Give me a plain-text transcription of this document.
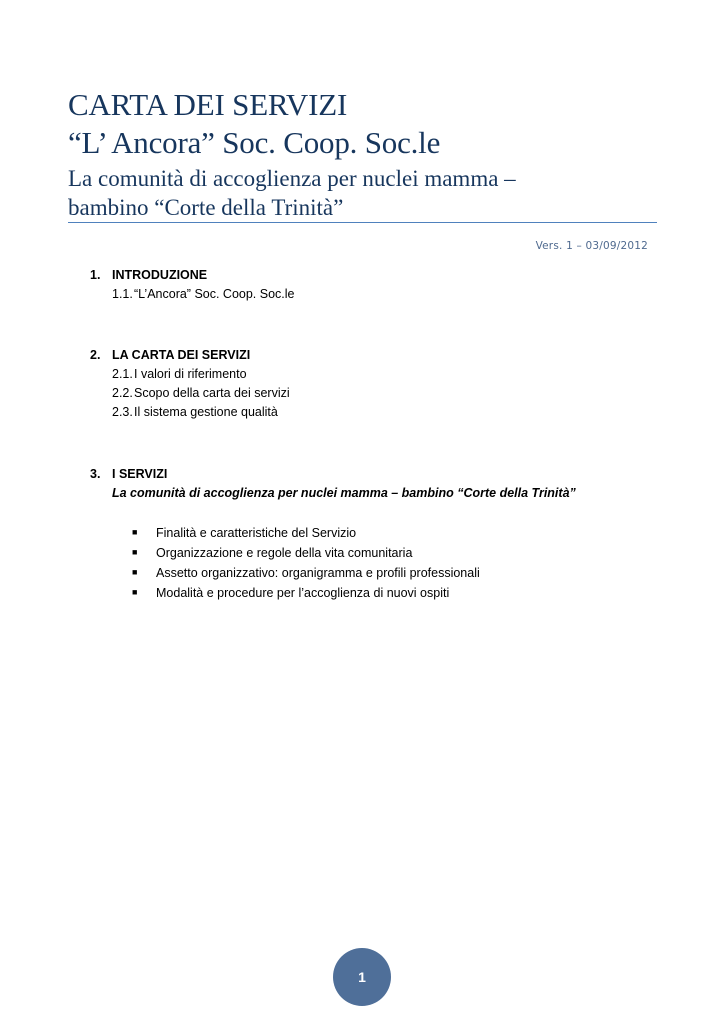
CARTA DEI SERVIZI
“L’ Ancora” Soc. Coop. Soc.le
La comunità di accoglienza per nuclei mamma –
bambino “Corte della Trinità”
Vers. 1 – 03/09/2012
1. INTRODUZIONE
1.1.“L’Ancora” Soc. Coop. Soc.le
2. LA CARTA DEI SERVIZI
2.1.I valori di riferimento
2.2.Scopo della carta dei servizi
2.3.Il sistema gestione qualità
3. I SERVIZI
La comunità di accoglienza per nuclei mamma – bambino “Corte della Trinità”
■ Finalità e caratteristiche del Servizio
■ Organizzazione e regole della vita comunitaria
■ Assetto organizzativo: organigramma e profili professionali
■ Modalità e procedure per l’accoglienza di nuovi ospiti
1
